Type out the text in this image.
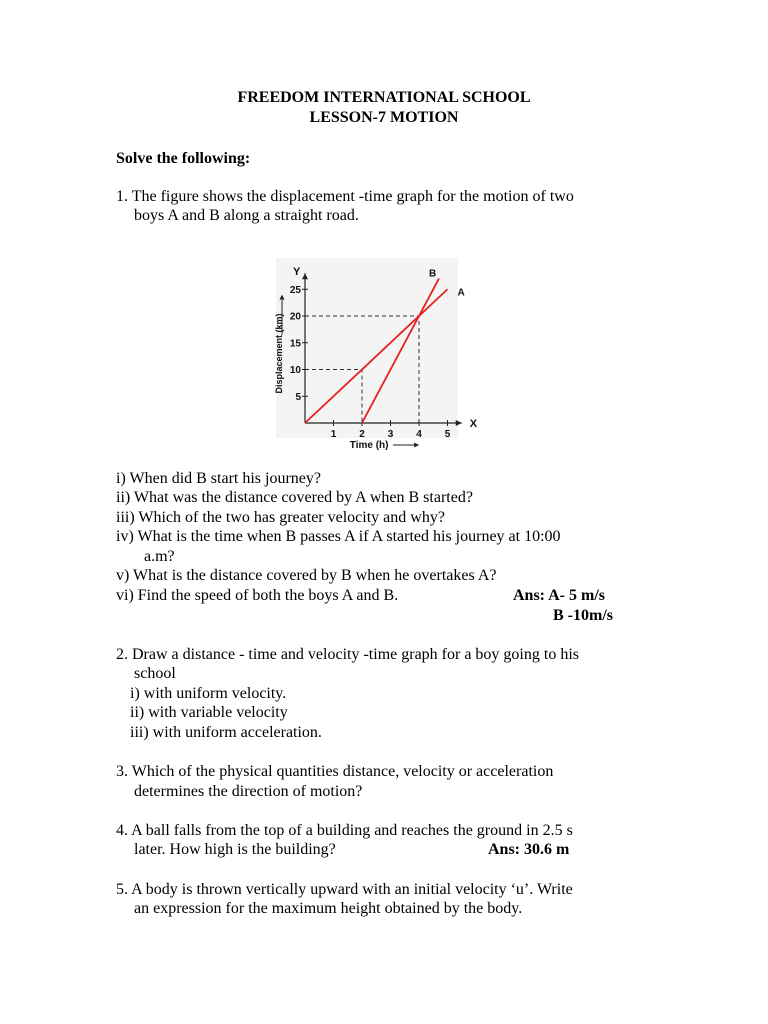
FREEDOM INTERNATIONAL SCHOOL
LESSON-7 MOTION
Solve the following:
1. The figure shows the displacement -time graph for the motion of two
boys A and B along a straight road.
1 2 3 4 5
5
10
15
20
25
Y
X
Time (h)
Displacement (km)
A
B
i) When did B start his journey?
ii) What was the distance covered by A when B started?
iii) Which of the two has greater velocity and why?
iv) What is the time when B passes A if A started his journey at 10:00
a.m?
v) What is the distance covered by B when he overtakes A?
vi) Find the speed of both the boys A and B.	Ans: A- 5 m/s
B -10m/s
2. Draw a distance - time and velocity -time graph for a boy going to his
school
i) with uniform velocity.
ii) with variable velocity
iii) with uniform acceleration.
3. Which of the physical quantities distance, velocity or acceleration
determines the direction of motion?
4. A ball falls from the top of a building and reaches the ground in 2.5 s
later. How high is the building?	Ans: 30.6 m
5. A body is thrown vertically upward with an initial velocity ‘u’. Write
an expression for the maximum height obtained by the body.
